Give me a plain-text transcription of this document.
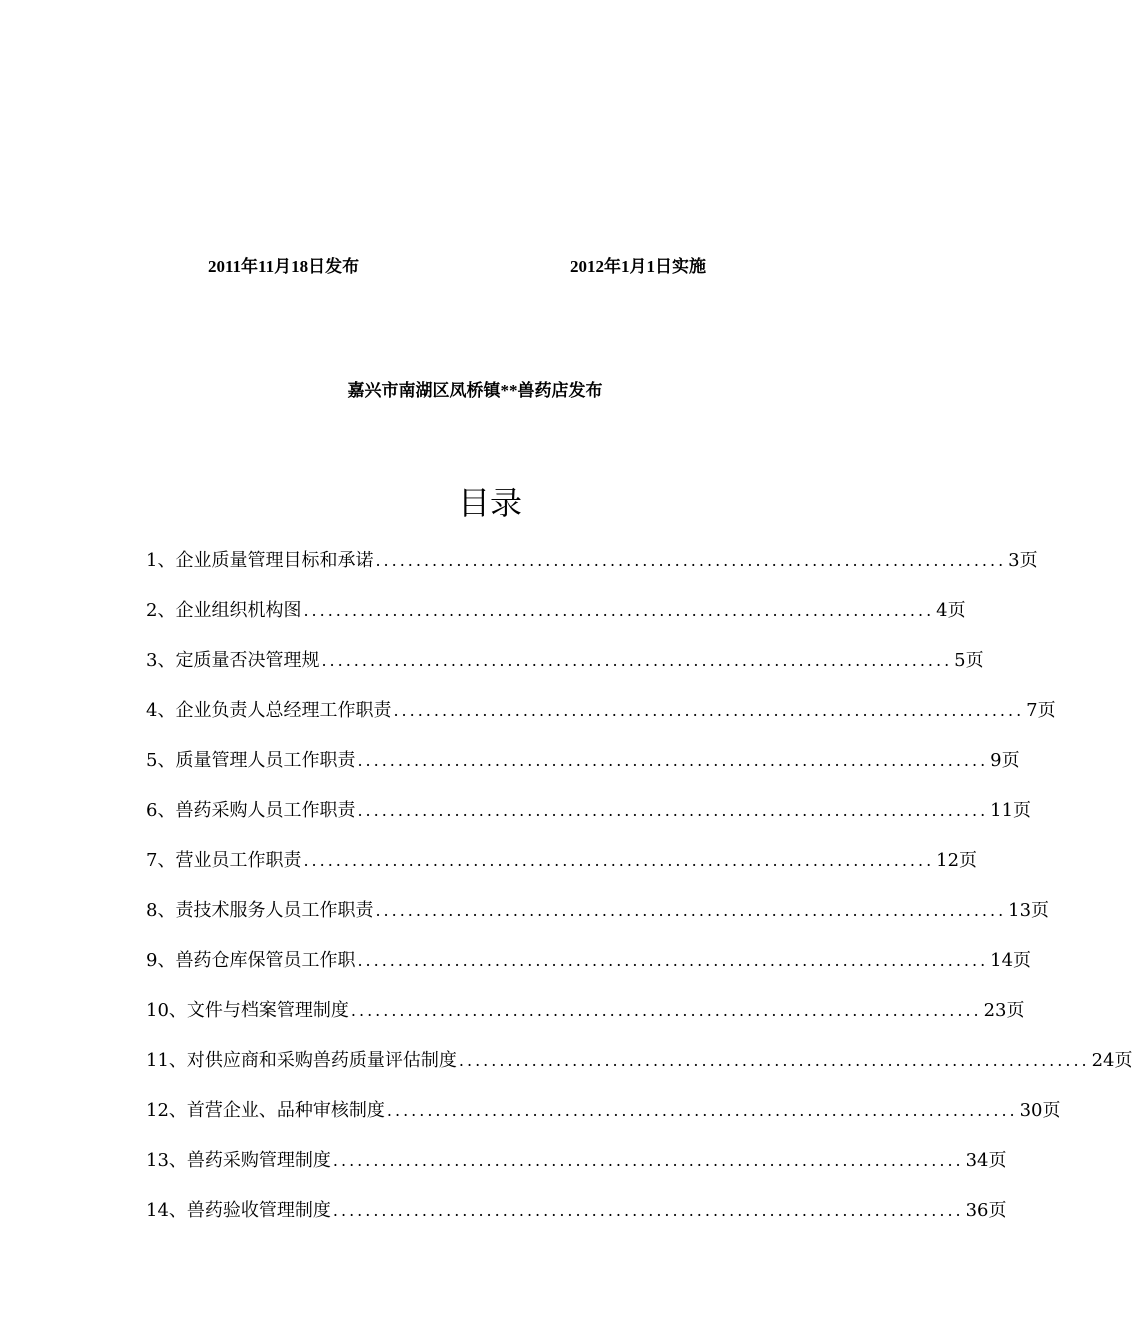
2011年11月18日发布	2012年1月1日实施
嘉兴市南湖区凤桥镇**兽药店发布
目录
1、企业质量管理目标和承诺 .............................................................................. 3页
2、企业组织机构图 .............................................................................. 4页
3、定质量否决管理规 .............................................................................. 5页
4、企业负责人总经理工作职责 .............................................................................. 7页
5、质量管理人员工作职责 .............................................................................. 9页
6、兽药采购人员工作职责 .............................................................................. 11页
7、营业员工作职责 .............................................................................. 12页
8、责技术服务人员工作职责 .............................................................................. 13页
9、兽药仓库保管员工作职 .............................................................................. 14页
10、文件与档案管理制度 .............................................................................. 23页
11、对供应商和采购兽药质量评估制度 .............................................................................. 24页
12、首营企业、品种审核制度 .............................................................................. 30页
13、兽药采购管理制度 .............................................................................. 34页
14、兽药验收管理制度 .............................................................................. 36页
